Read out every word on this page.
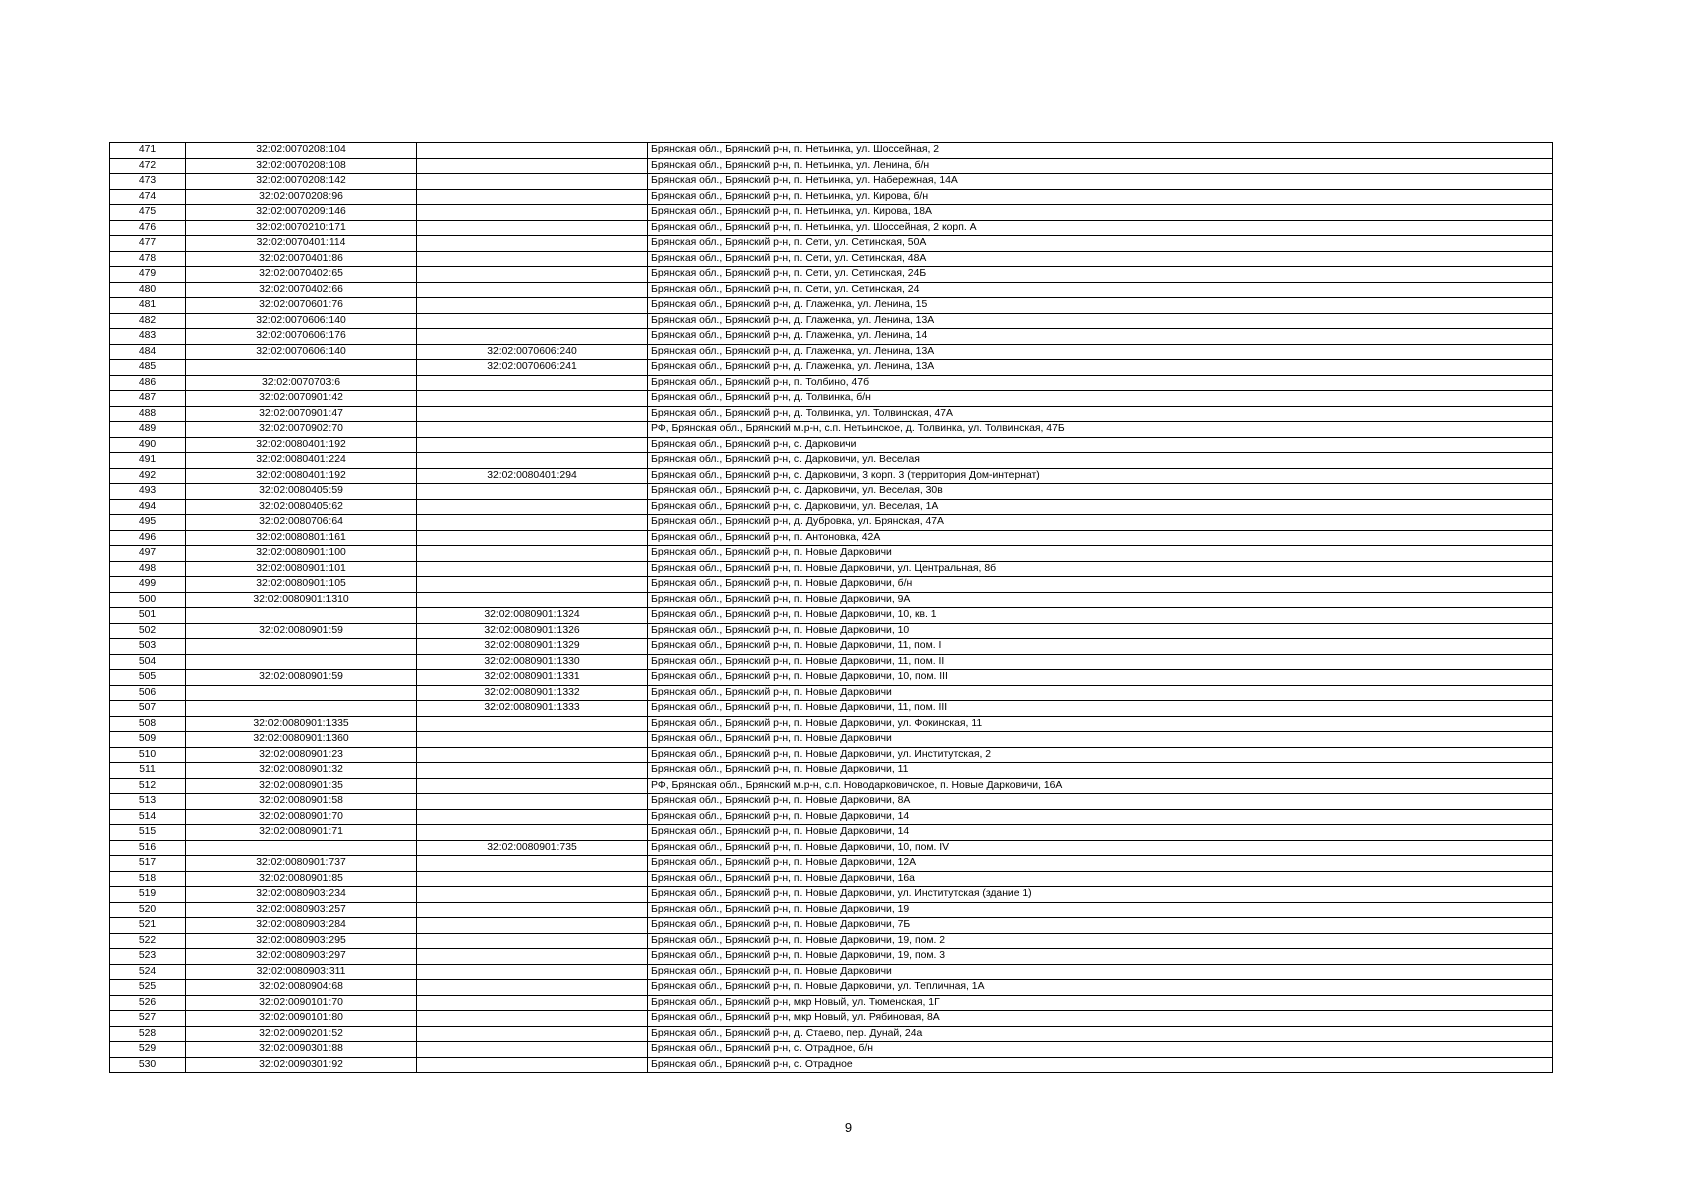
471	32:02:0070208:104		Брянская обл., Брянский р-н, п. Нетьинка, ул. Шоссейная, 2
472	32:02:0070208:108		Брянская обл., Брянский р-н, п. Нетьинка, ул. Ленина, б/н
473	32:02:0070208:142		Брянская обл., Брянский р-н, п. Нетьинка, ул. Набережная, 14А
474	32:02:0070208:96		Брянская обл., Брянский р-н, п. Нетьинка, ул. Кирова, б/н
475	32:02:0070209:146		Брянская обл., Брянский р-н, п. Нетьинка, ул. Кирова, 18А
476	32:02:0070210:171		Брянская обл., Брянский р-н, п. Нетьинка, ул. Шоссейная, 2 корп. А
477	32:02:0070401:114		Брянская обл., Брянский р-н, п. Сети, ул. Сетинская, 50А
478	32:02:0070401:86		Брянская обл., Брянский р-н, п. Сети, ул. Сетинская, 48А
479	32:02:0070402:65		Брянская обл., Брянский р-н, п. Сети, ул. Сетинская, 24Б
480	32:02:0070402:66		Брянская обл., Брянский р-н, п. Сети, ул. Сетинская, 24
481	32:02:0070601:76		Брянская обл., Брянский р-н, д. Глаженка, ул. Ленина, 15
482	32:02:0070606:140		Брянская обл., Брянский р-н, д. Глаженка, ул. Ленина, 13А
483	32:02:0070606:176		Брянская обл., Брянский р-н, д. Глаженка, ул. Ленина, 14
484	32:02:0070606:140	32:02:0070606:240	Брянская обл., Брянский р-н, д. Глаженка, ул. Ленина, 13А
485		32:02:0070606:241	Брянская обл., Брянский р-н, д. Глаженка, ул. Ленина, 13А
486	32:02:0070703:6		Брянская обл., Брянский р-н, п. Толбино, 47б
487	32:02:0070901:42		Брянская обл., Брянский р-н, д. Толвинка, б/н
488	32:02:0070901:47		Брянская обл., Брянский р-н, д. Толвинка, ул. Толвинская, 47А
489	32:02:0070902:70		РФ, Брянская обл., Брянский м.р-н, с.п. Нетьинское, д. Толвинка, ул. Толвинская, 47Б
490	32:02:0080401:192		Брянская обл., Брянский р-н, с. Дарковичи
491	32:02:0080401:224		Брянская обл., Брянский р-н, с. Дарковичи, ул. Веселая
492	32:02:0080401:192	32:02:0080401:294	Брянская обл., Брянский р-н, с. Дарковичи, 3 корп. 3 (территория Дом-интернат)
493	32:02:0080405:59		Брянская обл., Брянский р-н, с. Дарковичи, ул. Веселая, 30в
494	32:02:0080405:62		Брянская обл., Брянский р-н, с. Дарковичи, ул. Веселая, 1А
495	32:02:0080706:64		Брянская обл., Брянский р-н, д. Дубровка, ул. Брянская, 47А
496	32:02:0080801:161		Брянская обл., Брянский р-н, п. Антоновка, 42А
497	32:02:0080901:100		Брянская обл., Брянский р-н, п. Новые Дарковичи
498	32:02:0080901:101		Брянская обл., Брянский р-н, п. Новые Дарковичи, ул. Центральная, 8б
499	32:02:0080901:105		Брянская обл., Брянский р-н, п. Новые Дарковичи, б/н
500	32:02:0080901:1310		Брянская обл., Брянский р-н, п. Новые Дарковичи, 9А
501		32:02:0080901:1324	Брянская обл., Брянский р-н, п. Новые Дарковичи, 10, кв. 1
502	32:02:0080901:59	32:02:0080901:1326	Брянская обл., Брянский р-н, п. Новые Дарковичи, 10
503		32:02:0080901:1329	Брянская обл., Брянский р-н, п. Новые Дарковичи, 11, пом. I
504		32:02:0080901:1330	Брянская обл., Брянский р-н, п. Новые Дарковичи, 11, пом. II
505	32:02:0080901:59	32:02:0080901:1331	Брянская обл., Брянский р-н, п. Новые Дарковичи, 10, пом. III
506		32:02:0080901:1332	Брянская обл., Брянский р-н, п. Новые Дарковичи
507		32:02:0080901:1333	Брянская обл., Брянский р-н, п. Новые Дарковичи, 11, пом. III
508	32:02:0080901:1335		Брянская обл., Брянский р-н, п. Новые Дарковичи, ул. Фокинская, 11
509	32:02:0080901:1360		Брянская обл., Брянский р-н, п. Новые Дарковичи
510	32:02:0080901:23		Брянская обл., Брянский р-н, п. Новые Дарковичи, ул. Институтская, 2
511	32:02:0080901:32		Брянская обл., Брянский р-н, п. Новые Дарковичи, 11
512	32:02:0080901:35		РФ, Брянская обл., Брянский м.р-н, с.п. Новодарковичское, п. Новые Дарковичи, 16А
513	32:02:0080901:58		Брянская обл., Брянский р-н, п. Новые Дарковичи, 8А
514	32:02:0080901:70		Брянская обл., Брянский р-н, п. Новые Дарковичи, 14
515	32:02:0080901:71		Брянская обл., Брянский р-н, п. Новые Дарковичи, 14
516		32:02:0080901:735	Брянская обл., Брянский р-н, п. Новые Дарковичи, 10, пом. IV
517	32:02:0080901:737		Брянская обл., Брянский р-н, п. Новые Дарковичи, 12А
518	32:02:0080901:85		Брянская обл., Брянский р-н, п. Новые Дарковичи, 16а
519	32:02:0080903:234		Брянская обл., Брянский р-н, п. Новые Дарковичи, ул. Институтская (здание 1)
520	32:02:0080903:257		Брянская обл., Брянский р-н, п. Новые Дарковичи, 19
521	32:02:0080903:284		Брянская обл., Брянский р-н, п. Новые Дарковичи, 7Б
522	32:02:0080903:295		Брянская обл., Брянский р-н, п. Новые Дарковичи, 19, пом. 2
523	32:02:0080903:297		Брянская обл., Брянский р-н, п. Новые Дарковичи, 19, пом. 3
524	32:02:0080903:311		Брянская обл., Брянский р-н, п. Новые Дарковичи
525	32:02:0080904:68		Брянская обл., Брянский р-н, п. Новые Дарковичи, ул. Тепличная, 1А
526	32:02:0090101:70		Брянская обл., Брянский р-н, мкр Новый, ул. Тюменская, 1Г
527	32:02:0090101:80		Брянская обл., Брянский р-н, мкр Новый, ул. Рябиновая, 8А
528	32:02:0090201:52		Брянская обл., Брянский р-н, д. Стаево, пер. Дунай, 24а
529	32:02:0090301:88		Брянская обл., Брянский р-н, с. Отрадное, б/н
530	32:02:0090301:92		Брянская обл., Брянский р-н, с. Отрадное
9
